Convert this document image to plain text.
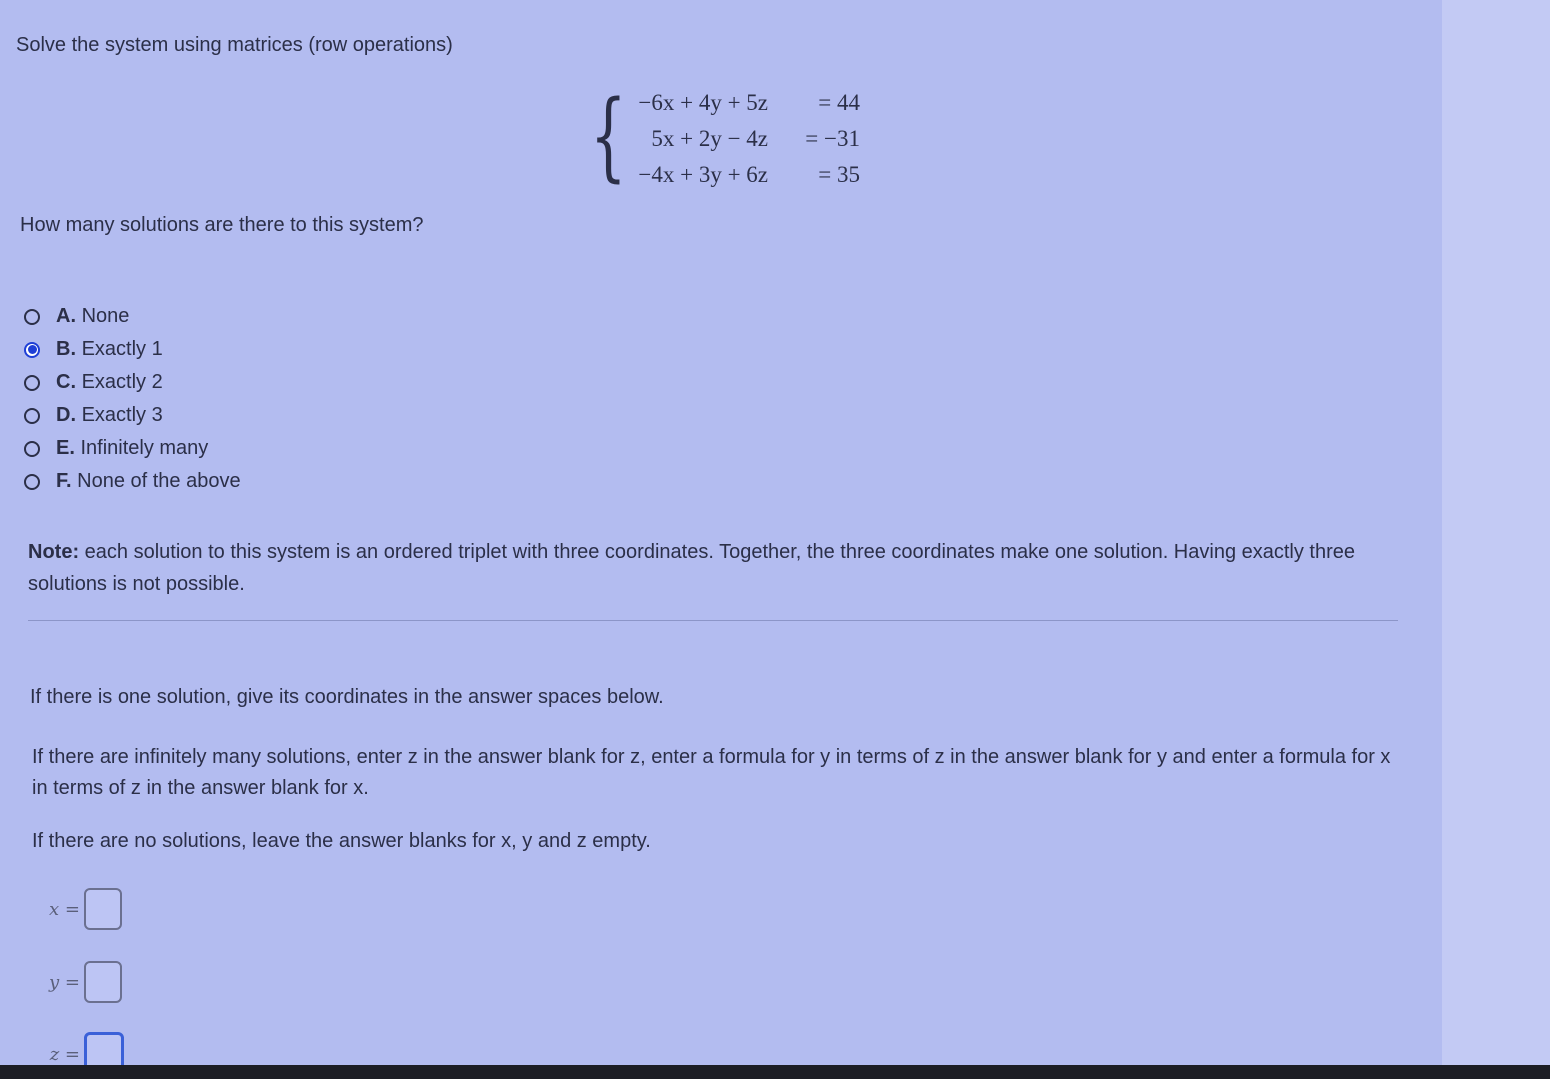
Solve the system using matrices (row operations)
{ −6x + 4y + 5z	= 44
5x + 2y − 4z	= −31
−4x + 3y + 6z	= 35
How many solutions are there to this system?
A.
None
B.
Exactly 1
C.
Exactly 2
D.
Exactly 3
E.
Infinitely many
F.
None of the above
Note: each solution to this system is an ordered triplet with three coordinates. Together, the three coordinates make one solution. Having exactly three solutions is not possible.
If there is one solution, give its coordinates in the answer spaces below.
If there are infinitely many solutions, enter z in the answer blank for z, enter a formula for y in terms of z in the answer blank for y and enter a formula for x in terms of z in the answer blank for x.
If there are no solutions, leave the answer blanks for x, y and z empty.
x =
y =
z =
